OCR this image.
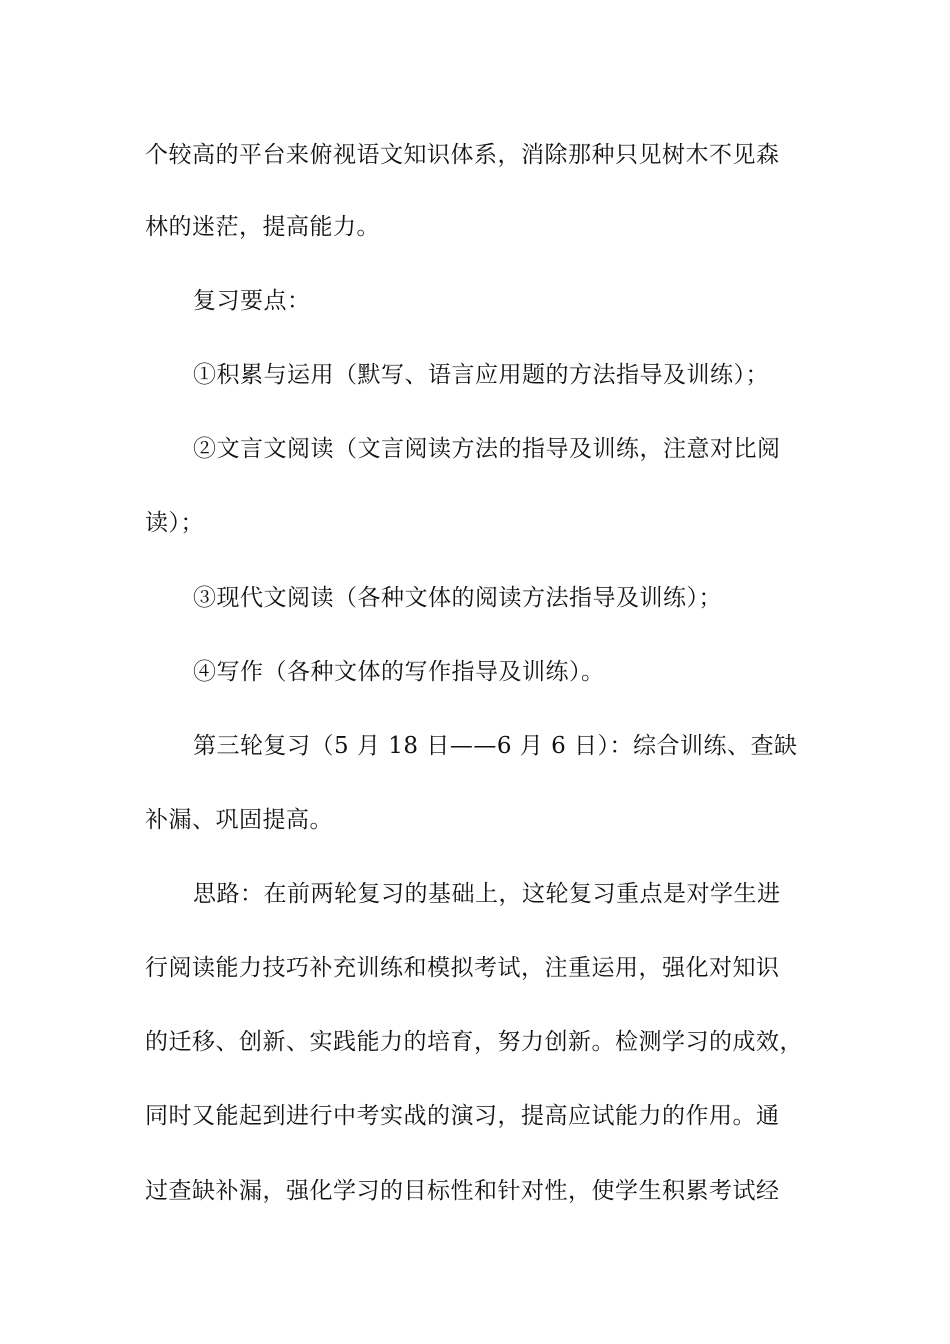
个较高的平台来俯视语文知识体系，消除那种只见树木不见森
林的迷茫，提高能力。
复习要点：
①积累与运用（默写、语言应用题的方法指导及训练）；
②文言文阅读（文言阅读方法的指导及训练，注意对比阅
读）；
③现代文阅读（各种文体的阅读方法指导及训练）；
④写作（各种文体的写作指导及训练）。
第三轮复习（5 月 18 日——6 月 6 日）：综合训练、查缺
补漏、巩固提高。
思路：在前两轮复习的基础上，这轮复习重点是对学生进
行阅读能力技巧补充训练和模拟考试，注重运用，强化对知识
的迁移、创新、实践能力的培育，努力创新。检测学习的成效，
同时又能起到进行中考实战的演习，提高应试能力的作用。通
过查缺补漏，强化学习的目标性和针对性，使学生积累考试经
